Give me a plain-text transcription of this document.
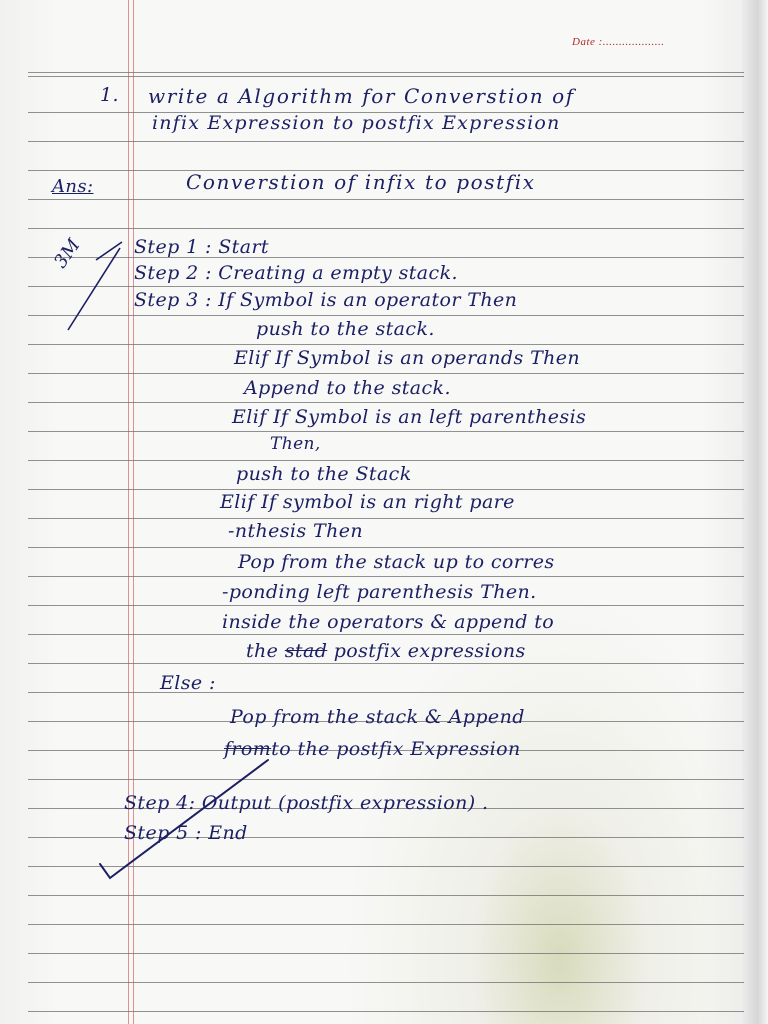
Date :...................
1. write a Algorithm for Converstion of
infix Expression to postfix Expression
Ans:	Converstion of infix to postfix
3M	Step 1 : Start
Step 2 : Creating a empty stack.
Step 3 : If Symbol is an operator Then
push to the stack.
Elif If Symbol is an operands Then
Append to the stack.
Elif If Symbol is an left parenthesis
Then,
push to the Stack
Elif If symbol is an right pare
-nthesis Then
Pop from the stack up to corres
-ponding left parenthesis Then.
inside the operators & append to
the stad postfix expressions
Else :
Pop from the stack & Append
fromto the postfix Expression
Step 4: Output (postfix expression) .
Step 5 : End
